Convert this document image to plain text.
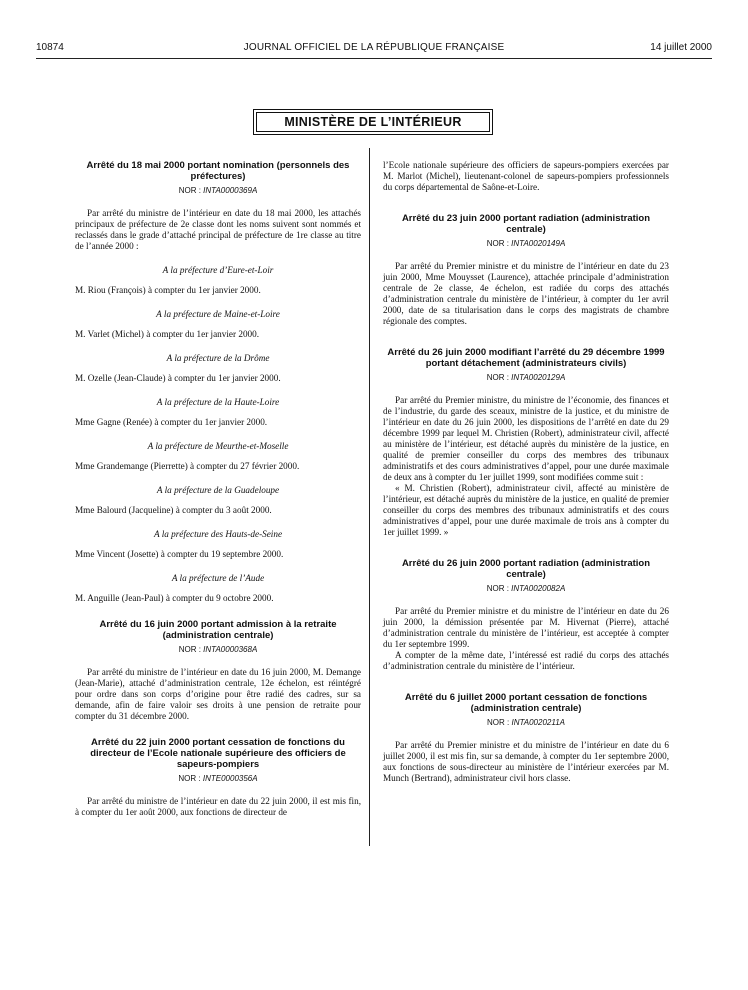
10874	JOURNAL OFFICIEL DE LA RÉPUBLIQUE FRANÇAISE	14 juillet 2000
MINISTÈRE DE L’INTÉRIEUR
Arrêté du 18 mai 2000 portant nomination (personnels des préfectures)
NOR : INTA0000369A

Par arrêté du ministre de l’intérieur en date du 18 mai 2000, les attachés principaux de préfecture de 2e classe dont les noms suivent sont nommés et reclassés dans le grade d’attaché principal de préfecture de 1re classe au titre de l’année 2000 :

A la préfecture d’Eure-et-Loir

M. Riou (François) à compter du 1er janvier 2000.

A la préfecture de Maine-et-Loire

M. Varlet (Michel) à compter du 1er janvier 2000.

A la préfecture de la Drôme

M. Ozelle (Jean-Claude) à compter du 1er janvier 2000.

A la préfecture de la Haute-Loire

Mme Gagne (Renée) à compter du 1er janvier 2000.

A la préfecture de Meurthe-et-Moselle

Mme Grandemange (Pierrette) à compter du 27 février 2000.

A la préfecture de la Guadeloupe

Mme Balourd (Jacqueline) à compter du 3 août 2000.

A la préfecture des Hauts-de-Seine

Mme Vincent (Josette) à compter du 19 septembre 2000.

A la préfecture de l’Aude

M. Anguille (Jean-Paul) à compter du 9 octobre 2000.

Arrêté du 16 juin 2000 portant admission à la retraite (administration centrale)
NOR : INTA0000368A

Par arrêté du ministre de l’intérieur en date du 16 juin 2000, M. Demange (Jean-Marie), attaché d’administration centrale, 12e échelon, est réintégré pour ordre dans son corps d’origine pour être radié des cadres, sur sa demande, afin de faire valoir ses droits à une pension de retraite pour compter du 31 décembre 2000.

Arrêté du 22 juin 2000 portant cessation de fonctions du directeur de l’Ecole nationale supérieure des officiers de sapeurs-pompiers
NOR : INTE0000356A

Par arrêté du ministre de l’intérieur en date du 22 juin 2000, il est mis fin, à compter du 1er août 2000, aux fonctions de directeur de

l’Ecole nationale supérieure des officiers de sapeurs-pompiers exercées par M. Marlot (Michel), lieutenant-colonel de sapeurs-pompiers professionnels du corps départemental de Saône-et-Loire.

Arrêté du 23 juin 2000 portant radiation (administration centrale)
NOR : INTA0020149A

Par arrêté du Premier ministre et du ministre de l’intérieur en date du 23 juin 2000, Mme Mouysset (Laurence), attachée principale d’administration centrale de 2e classe, 4e échelon, est radiée du corps des attachés d’administration centrale du ministère de l’intérieur, à compter du 1er avril 2000, date de sa titularisation dans le corps des magistrats de chambre régionale des comptes.

Arrêté du 26 juin 2000 modifiant l’arrêté du 29 décembre 1999 portant détachement (administrateurs civils)
NOR : INTA0020129A

Par arrêté du Premier ministre, du ministre de l’économie, des finances et de l’industrie, du garde des sceaux, ministre de la justice, et du ministre de l’intérieur en date du 26 juin 2000, les dispositions de l’arrêté en date du 29 décembre 1999 par lequel M. Christien (Robert), administrateur civil, affecté au ministère de l’intérieur, est détaché auprès du ministère de la justice, en qualité de premier conseiller du corps des membres des tribunaux administratifs et des cours administratives d’appel, pour une durée maximale de deux ans à compter du 1er juillet 1999, sont modifiées comme suit :

« M. Christien (Robert), administrateur civil, affecté au ministère de l’intérieur, est détaché auprès du ministère de la justice, en qualité de premier conseiller du corps des membres des tribunaux administratifs et des cours administratives d’appel, pour une durée maximale de trois ans à compter du 1er juillet 1999. »

Arrêté du 26 juin 2000 portant radiation (administration centrale)
NOR : INTA0020082A

Par arrêté du Premier ministre et du ministre de l’intérieur en date du 26 juin 2000, la démission présentée par M. Hivernat (Pierre), attaché d’administration centrale du ministère de l’intérieur, est acceptée à compter du 1er septembre 1999.

A compter de la même date, l’intéressé est radié du corps des attachés d’administration centrale du ministère de l’intérieur.

Arrêté du 6 juillet 2000 portant cessation de fonctions (administration centrale)
NOR : INTA0020211A

Par arrêté du Premier ministre et du ministre de l’intérieur en date du 6 juillet 2000, il est mis fin, sur sa demande, à compter du 1er septembre 2000, aux fonctions de sous-directeur au ministère de l’intérieur exercées par M. Munch (Bertrand), administrateur civil hors classe.
